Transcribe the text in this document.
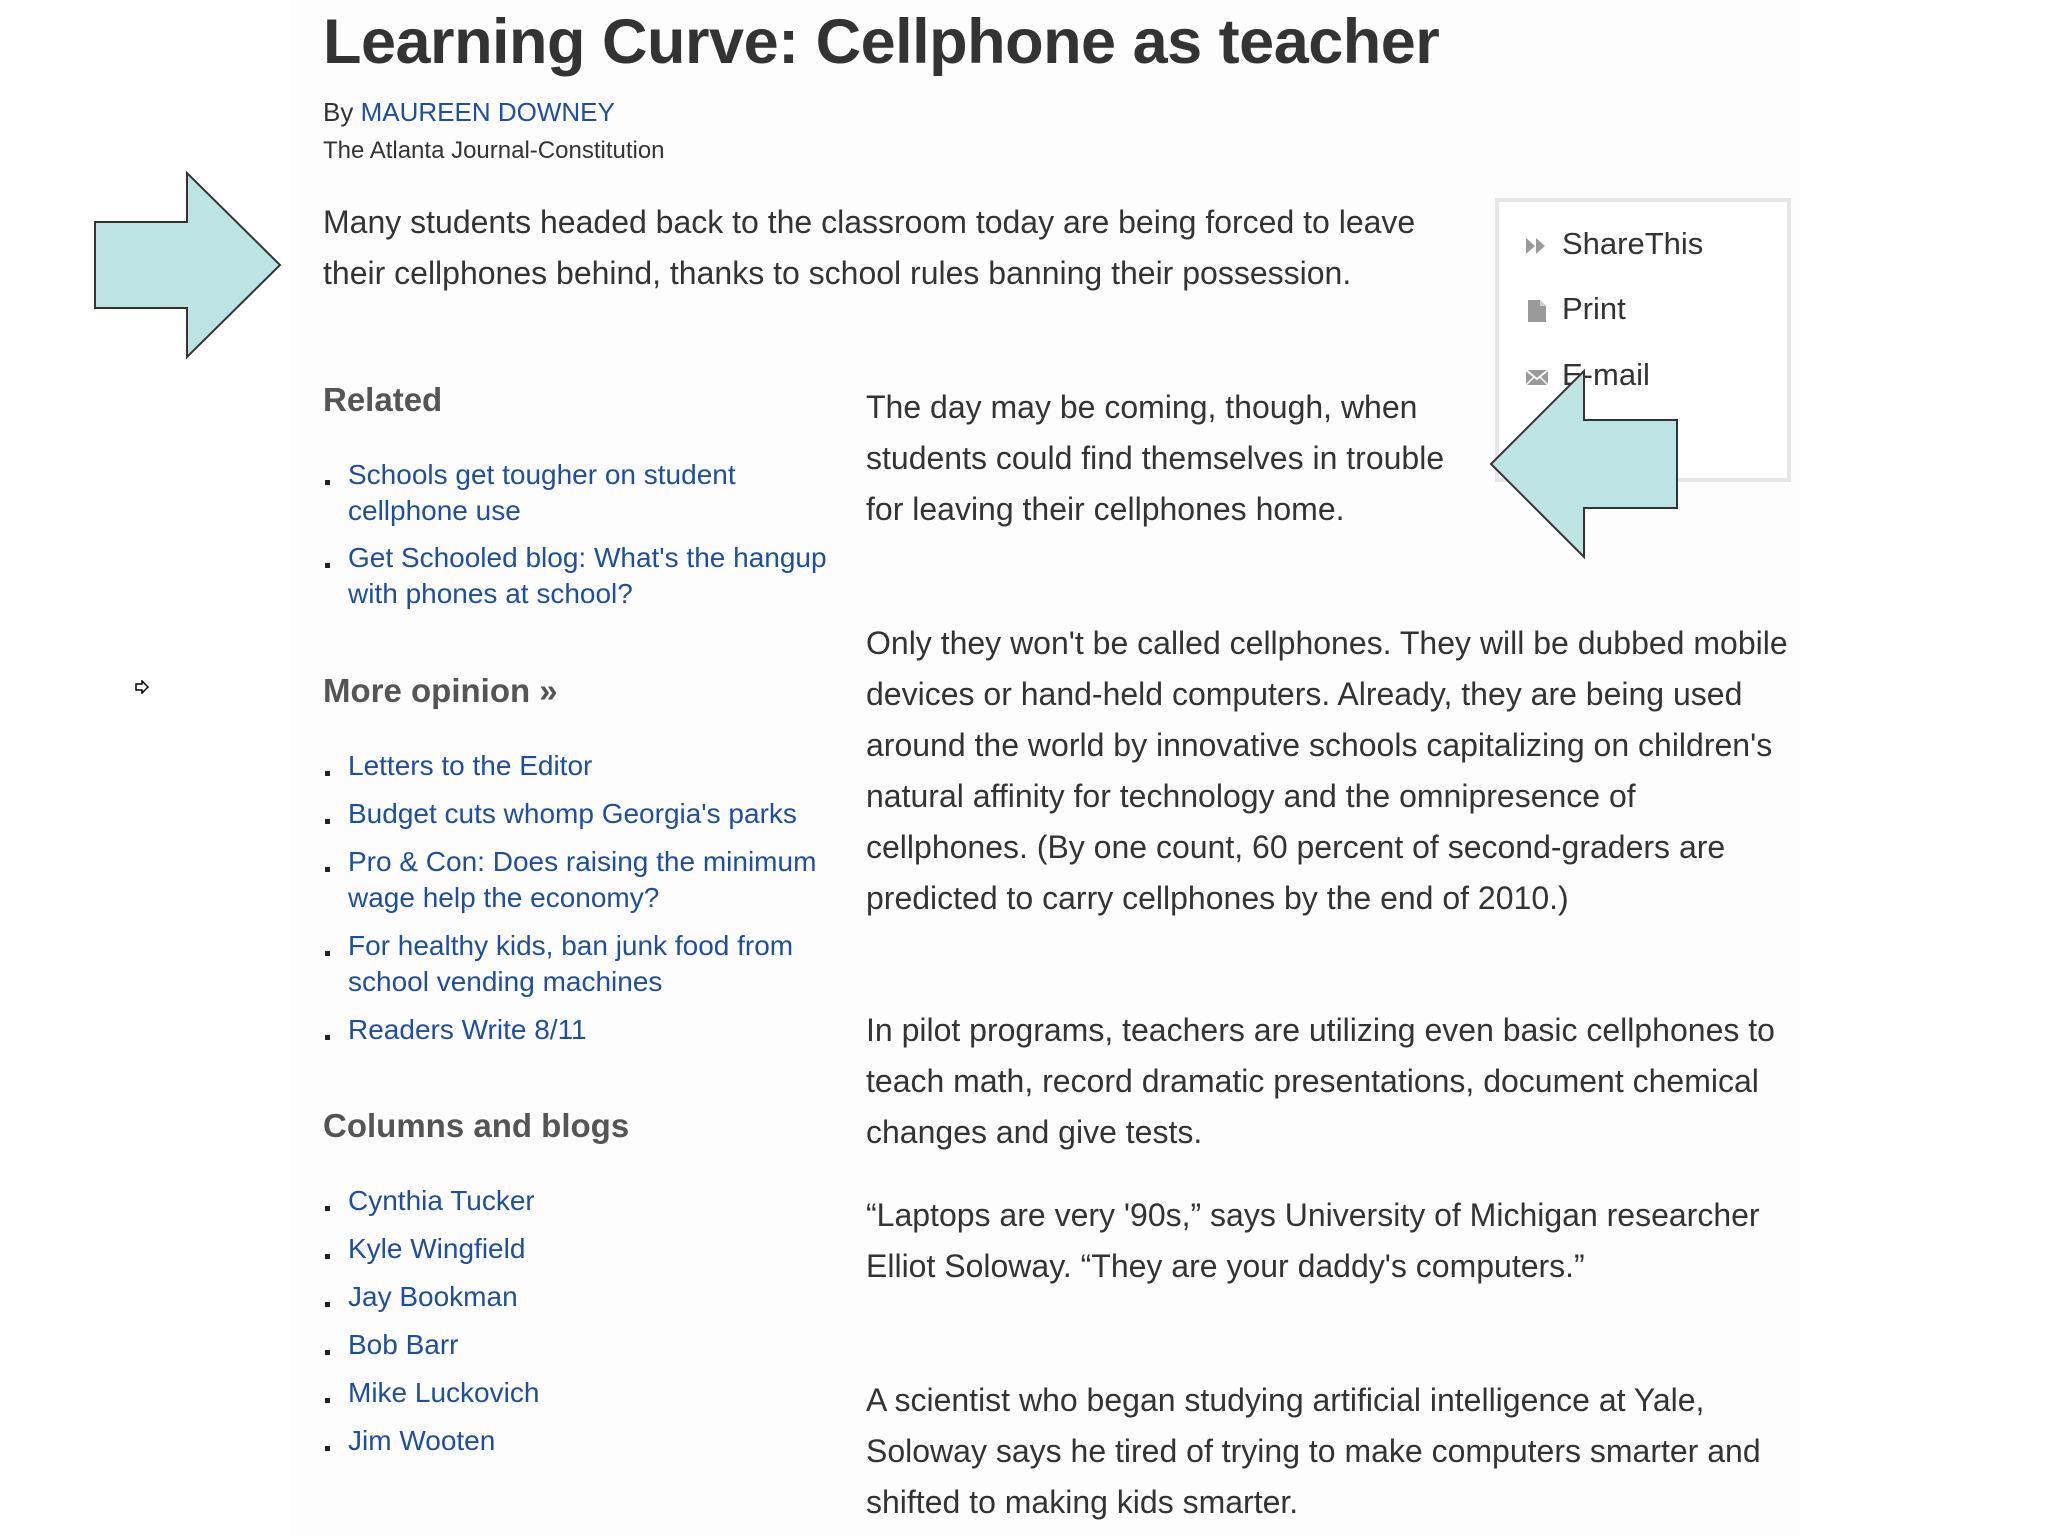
Learning Curve: Cellphone as teacher
By MAUREEN DOWNEY
The Atlanta Journal-Constitution

Many students headed back to the classroom today are being forced to leave their cellphones behind, thanks to school rules banning their possession.

ShareThis
Print
E-mail
Related
Schools get tougher on student cellphone use
Get Schooled blog: What's the hangup with phones at school?
More opinion »
Letters to the Editor
Budget cuts whomp Georgia's parks
Pro & Con: Does raising the minimum wage help the economy?
For healthy kids, ban junk food from school vending machines
Readers Write 8/11
Columns and blogs
Cynthia Tucker
Kyle Wingfield
Jay Bookman
Bob Barr
Mike Luckovich
Jim Wooten

The day may be coming, though, when students could find themselves in trouble for leaving their cellphones home.

Only they won't be called cellphones. They will be dubbed mobile devices or hand-held computers. Already, they are being used around the world by innovative schools capitalizing on children's natural affinity for technology and the omnipresence of cellphones. (By one count, 60 percent of second-graders are predicted to carry cellphones by the end of 2010.)

In pilot programs, teachers are utilizing even basic cellphones to teach math, record dramatic presentations, document chemical changes and give tests.

“Laptops are very '90s,” says University of Michigan researcher Elliot Soloway. “They are your daddy's computers.”

A scientist who began studying artificial intelligence at Yale, Soloway says he tired of trying to make computers smarter and shifted to making kids smarter.
